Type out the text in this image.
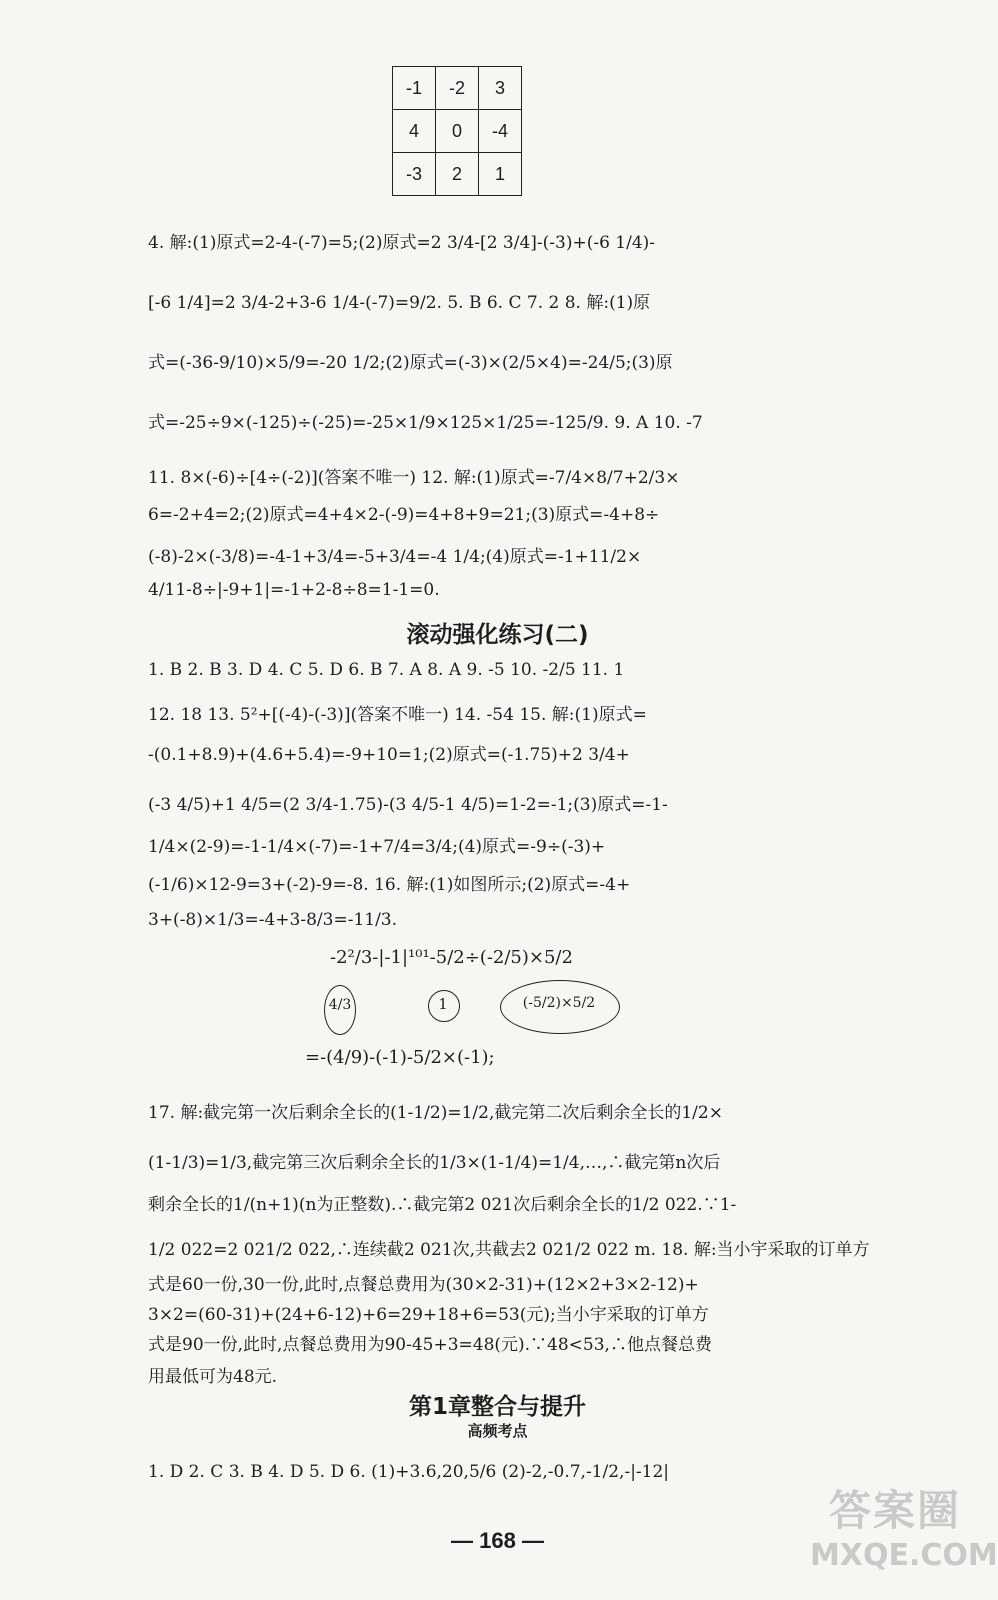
-1	-2	3
4	0	-4
-3	2	1
4. 解:(1)原式=2-4-(-7)=5;(2)原式=2 3/4-[2 3/4]-(-3)+(-6 1/4)-
[-6 1/4]=2 3/4-2+3-6 1/4-(-7)=9/2. 5. B 6. C 7. 2 8. 解:(1)原
式=(-36-9/10)×5/9=-20 1/2;(2)原式=(-3)×(2/5×4)=-24/5;(3)原
式=-25÷9×(-125)÷(-25)=-25×1/9×125×1/25=-125/9. 9. A 10. -7
11. 8×(-6)÷[4÷(-2)](答案不唯一) 12. 解:(1)原式=-7/4×8/7+2/3×
6=-2+4=2;(2)原式=4+4×2-(-9)=4+8+9=21;(3)原式=-4+8÷
(-8)-2×(-3/8)=-4-1+3/4=-5+3/4=-4 1/4;(4)原式=-1+11/2×
4/11-8÷|-9+1|=-1+2-8÷8=1-1=0.
滚动强化练习(二)
1. B 2. B 3. D 4. C 5. D 6. B 7. A 8. A 9. -5 10. -2/5 11. 1
12. 18 13. 5²+[(-4)-(-3)](答案不唯一) 14. -54 15. 解:(1)原式=
-(0.1+8.9)+(4.6+5.4)=-9+10=1;(2)原式=(-1.75)+2 3/4+
(-3 4/5)+1 4/5=(2 3/4-1.75)-(3 4/5-1 4/5)=1-2=-1;(3)原式=-1-
1/4×(2-9)=-1-1/4×(-7)=-1+7/4=3/4;(4)原式=-9÷(-3)+
(-1/6)×12-9=3+(-2)-9=-8. 16. 解:(1)如图所示;(2)原式=-4+
3+(-8)×1/3=-4+3-8/3=-11/3.
-2²/3-|-1|¹⁰¹-5/2÷(-2/5)×5/2
4/3	1	(-5/2)×5/2
=-(4/9)-(-1)-5/2×(-1);
17. 解:截完第一次后剩余全长的(1-1/2)=1/2,截完第二次后剩余全长的1/2×
(1-1/3)=1/3,截完第三次后剩余全长的1/3×(1-1/4)=1/4,…,∴截完第n次后
剩余全长的1/(n+1)(n为正整数).∴截完第2 021次后剩余全长的1/2 022.∵1-
1/2 022=2 021/2 022,∴连续截2 021次,共截去2 021/2 022 m. 18. 解:当小宇采取的订单方
式是60一份,30一份,此时,点餐总费用为(30×2-31)+(12×2+3×2-12)+
3×2=(60-31)+(24+6-12)+6=29+18+6=53(元);当小宇采取的订单方
式是90一份,此时,点餐总费用为90-45+3=48(元).∵48<53,∴他点餐总费
用最低可为48元.
第1章整合与提升
高频考点
1. D 2. C 3. B 4. D 5. D 6. (1)+3.6,20,5/6 (2)-2,-0.7,-1/2,-|-12|
— 168 —
答案圈
MXQE.COM
